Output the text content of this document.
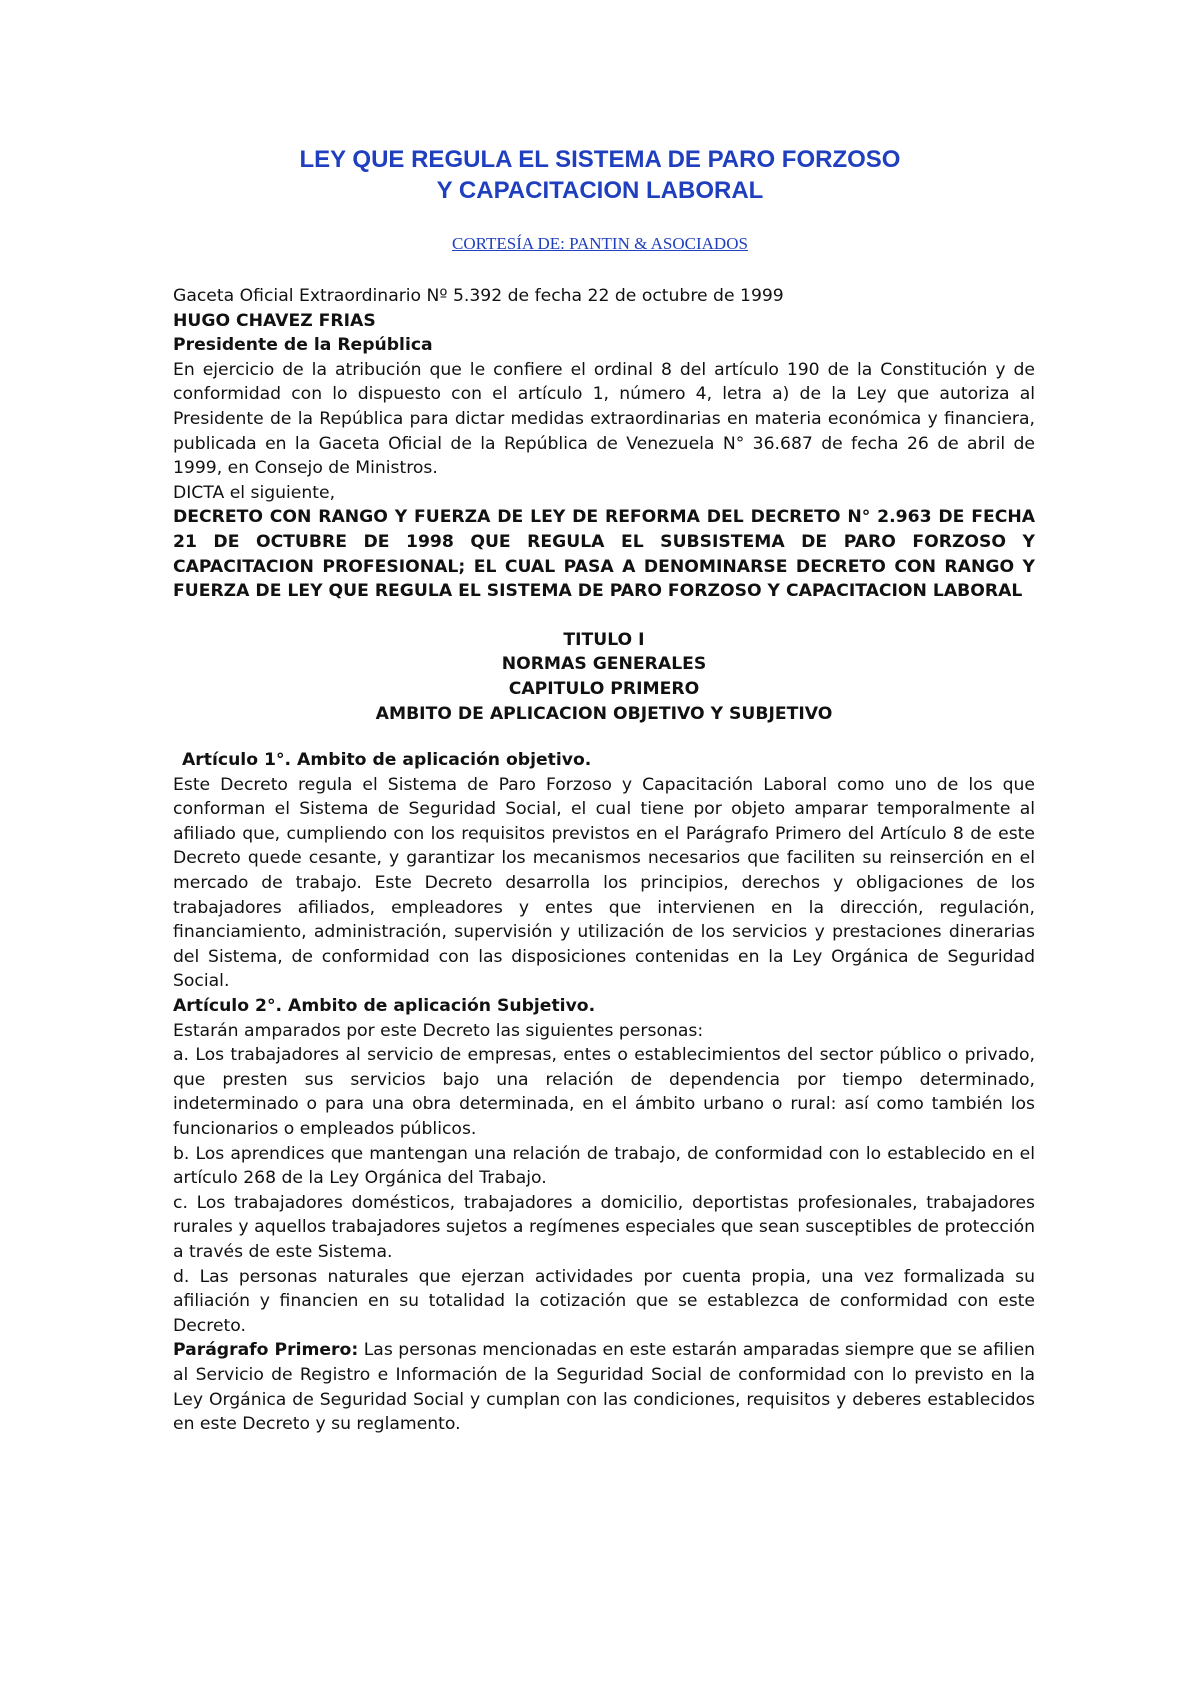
LEY QUE REGULA EL SISTEMA DE PARO FORZOSO
Y CAPACITACION LABORAL
CORTESÍA DE: PANTIN & ASOCIADOS

Gaceta Oficial Extraordinario Nº 5.392 de fecha 22 de octubre de 1999

HUGO CHAVEZ FRIAS

Presidente de la República

En ejercicio de la atribución que le confiere el ordinal 8 del artículo 190 de la Constitución y de conformidad con lo dispuesto con el artículo 1, número 4, letra a) de la Ley que autoriza al Presidente de la República para dictar medidas extraordinarias en materia económica y financiera, publicada en la Gaceta Oficial de la República de Venezuela N° 36.687 de fecha 26 de abril de 1999, en Consejo de Ministros.

DICTA el siguiente,

DECRETO CON RANGO Y FUERZA DE LEY DE REFORMA DEL DECRETO N° 2.963 DE FECHA 21 DE OCTUBRE DE 1998 QUE REGULA EL SUBSISTEMA DE PARO FORZOSO Y CAPACITACION PROFESIONAL; EL CUAL PASA A DENOMINARSE DECRETO CON RANGO Y FUERZA DE LEY QUE REGULA EL SISTEMA DE PARO FORZOSO Y CAPACITACION LABORAL

TITULO I

NORMAS GENERALES

CAPITULO PRIMERO

AMBITO DE APLICACION OBJETIVO Y SUBJETIVO

Artículo 1°. Ambito de aplicación objetivo.

Este Decreto regula el Sistema de Paro Forzoso y Capacitación Laboral como uno de los que conforman el Sistema de Seguridad Social, el cual tiene por objeto amparar temporalmente al afiliado que, cumpliendo con los requisitos previstos en el Parágrafo Primero del Artículo 8 de este Decreto quede cesante, y garantizar los mecanismos necesarios que faciliten su reinserción en el mercado de trabajo. Este Decreto desarrolla los principios, derechos y obligaciones de los trabajadores afiliados, empleadores y entes que intervienen en la dirección, regulación, financiamiento, administración, supervisión y utilización de los servicios y prestaciones dinerarias del Sistema, de conformidad con las disposiciones contenidas en la Ley Orgánica de Seguridad Social.

Artículo 2°. Ambito de aplicación Subjetivo.

Estarán amparados por este Decreto las siguientes personas:

a. Los trabajadores al servicio de empresas, entes o establecimientos del sector público o privado, que presten sus servicios bajo una relación de dependencia por tiempo determinado, indeterminado o para una obra determinada, en el ámbito urbano o rural: así como también los funcionarios o empleados públicos.

b. Los aprendices que mantengan una relación de trabajo, de conformidad con lo establecido en el artículo 268 de la Ley Orgánica del Trabajo.

c. Los trabajadores domésticos, trabajadores a domicilio, deportistas profesionales, trabajadores rurales y aquellos trabajadores sujetos a regímenes especiales que sean susceptibles de protección a través de este Sistema.

d. Las personas naturales que ejerzan actividades por cuenta propia, una vez formalizada su afiliación y financien en su totalidad la cotización que se establezca de conformidad con este Decreto.

Parágrafo Primero: Las personas mencionadas en este estarán amparadas siempre que se afilien al Servicio de Registro e Información de la Seguridad Social de conformidad con lo previsto en la Ley Orgánica de Seguridad Social y cumplan con las condiciones, requisitos y deberes establecidos en este Decreto y su reglamento.
